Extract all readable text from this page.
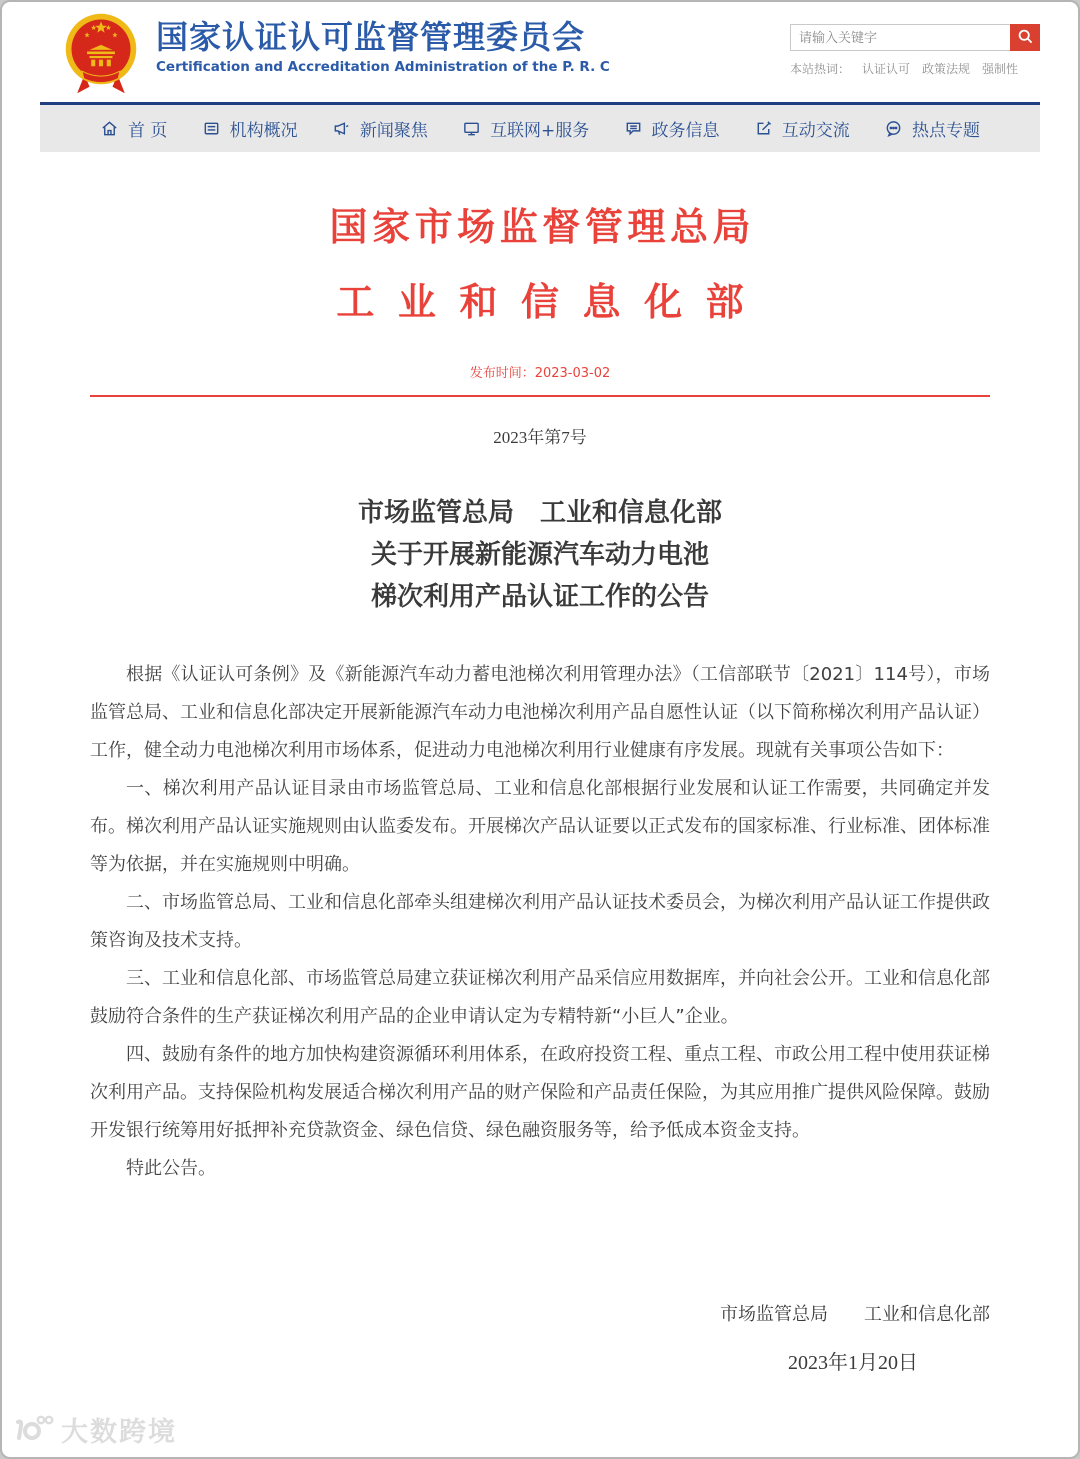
国家认证认可监督管理委员会
Certification and Accreditation Administration of the P. R. C
请输入关键字	本站热词： 认证认可 政策法规 强制性
首 页	机构概况	新闻聚焦	互联网+服务	政务信息	互动交流	热点专题
国家市场监督管理总局
工业和信息化部
发布时间：2023-03-02
2023年第7号
市场监管总局　工业和信息化部
关于开展新能源汽车动力电池
梯次利用产品认证工作的公告

根据《认证认可条例》及《新能源汽车动力蓄电池梯次利用管理办法》（工信部联节〔2021〕114号），市场监管总局、工业和信息化部决定开展新能源汽车动力电池梯次利用产品自愿性认证（以下简称梯次利用产品认证）工作，健全动力电池梯次利用市场体系，促进动力电池梯次利用行业健康有序发展。现就有关事项公告如下：

一、梯次利用产品认证目录由市场监管总局、工业和信息化部根据行业发展和认证工作需要，共同确定并发布。梯次利用产品认证实施规则由认监委发布。开展梯次产品认证要以正式发布的国家标准、行业标准、团体标准等为依据，并在实施规则中明确。

二、市场监管总局、工业和信息化部牵头组建梯次利用产品认证技术委员会，为梯次利用产品认证工作提供政策咨询及技术支持。

三、工业和信息化部、市场监管总局建立获证梯次利用产品采信应用数据库，并向社会公开。工业和信息化部鼓励符合条件的生产获证梯次利用产品的企业申请认定为专精特新“小巨人”企业。

四、鼓励有条件的地方加快构建资源循环利用体系，在政府投资工程、重点工程、市政公用工程中使用获证梯次利用产品。支持保险机构发展适合梯次利用产品的财产保险和产品责任保险，为其应用推广提供风险保障。鼓励开发银行统筹用好抵押补充贷款资金、绿色信贷、绿色融资服务等，给予低成本资金支持。

特此公告。

市场监管总局　　工业和信息化部
2023年1月20日
大数跨境
